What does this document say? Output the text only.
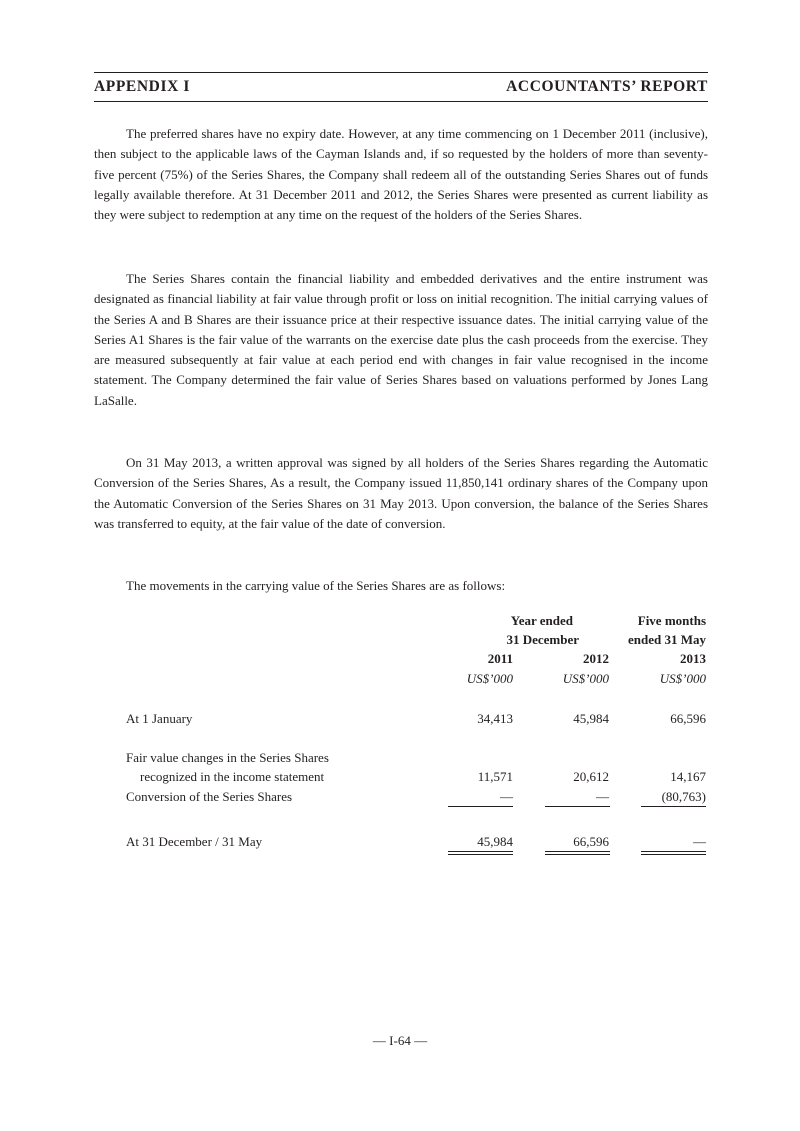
APPENDIX I	ACCOUNTANTS’ REPORT

The preferred shares have no expiry date. However, at any time commencing on 1 December 2011 (inclusive), then subject to the applicable laws of the Cayman Islands and, if so requested by the holders of more than seventy-five percent (75%) of the Series Shares, the Company shall redeem all of the outstanding Series Shares out of funds legally available therefore. At 31 December 2011 and 2012, the Series Shares were presented as current liability as they were subject to redemption at any time on the request of the holders of the Series Shares.

The Series Shares contain the financial liability and embedded derivatives and the entire instrument was designated as financial liability at fair value through profit or loss on initial recognition. The initial carrying values of the Series A and B Shares are their issuance price at their respective issuance dates. The initial carrying value of the Series A1 Shares is the fair value of the warrants on the exercise date plus the cash proceeds from the exercise. They are measured subsequently at fair value at each period end with changes in fair value recognised in the income statement. The Company determined the fair value of Series Shares based on valuations performed by Jones Lang LaSalle.

On 31 May 2013, a written approval was signed by all holders of the Series Shares regarding the Automatic Conversion of the Series Shares, As a result, the Company issued 11,850,141 ordinary shares of the Company upon the Automatic Conversion of the Series Shares on 31 May 2013. Upon conversion, the balance of the Series Shares was transferred to equity, at the fair value of the date of conversion.

The movements in the carrying value of the Series Shares are as follows:

Year ended	Five months
31 December	ended 31 May
2011	2012	2013
US$’000	US$’000	US$’000
At 1 January	34,413	45,984	66,596
Fair value changes in the Series Shares
recognized in the income statement	11,571	20,612	14,167
Conversion of the Series Shares	—	—	(80,763)
At 31 December / 31 May	45,984	66,596	—
— I-64 —
